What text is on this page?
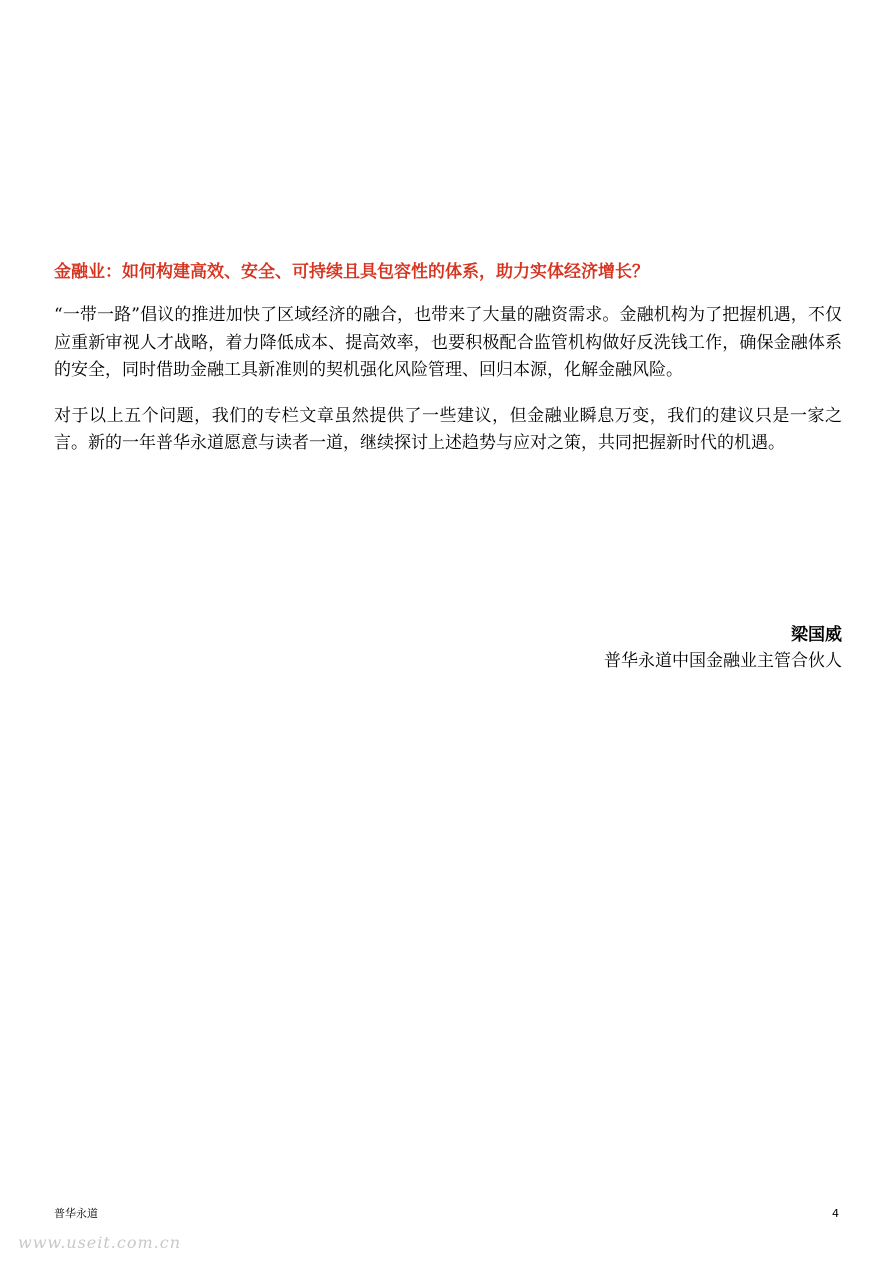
金融业：如何构建高效、安全、可持续且具包容性的体系，助力实体经济增长？

“一带一路”倡议的推进加快了区域经济的融合，也带来了大量的融资需求。金融机构为了把握机遇，不仅应重新审视人才战略，着力降低成本、提高效率，也要积极配合监管机构做好反洗钱工作，确保金融体系的安全，同时借助金融工具新准则的契机强化风险管理、回归本源，化解金融风险。

对于以上五个问题，我们的专栏文章虽然提供了一些建议，但金融业瞬息万变，我们的建议只是一家之言。新的一年普华永道愿意与读者一道，继续探讨上述趋势与应对之策，共同把握新时代的机遇。

梁国威
普华永道中国金融业主管合伙人
普华永道	4
www.useit.com.cn
